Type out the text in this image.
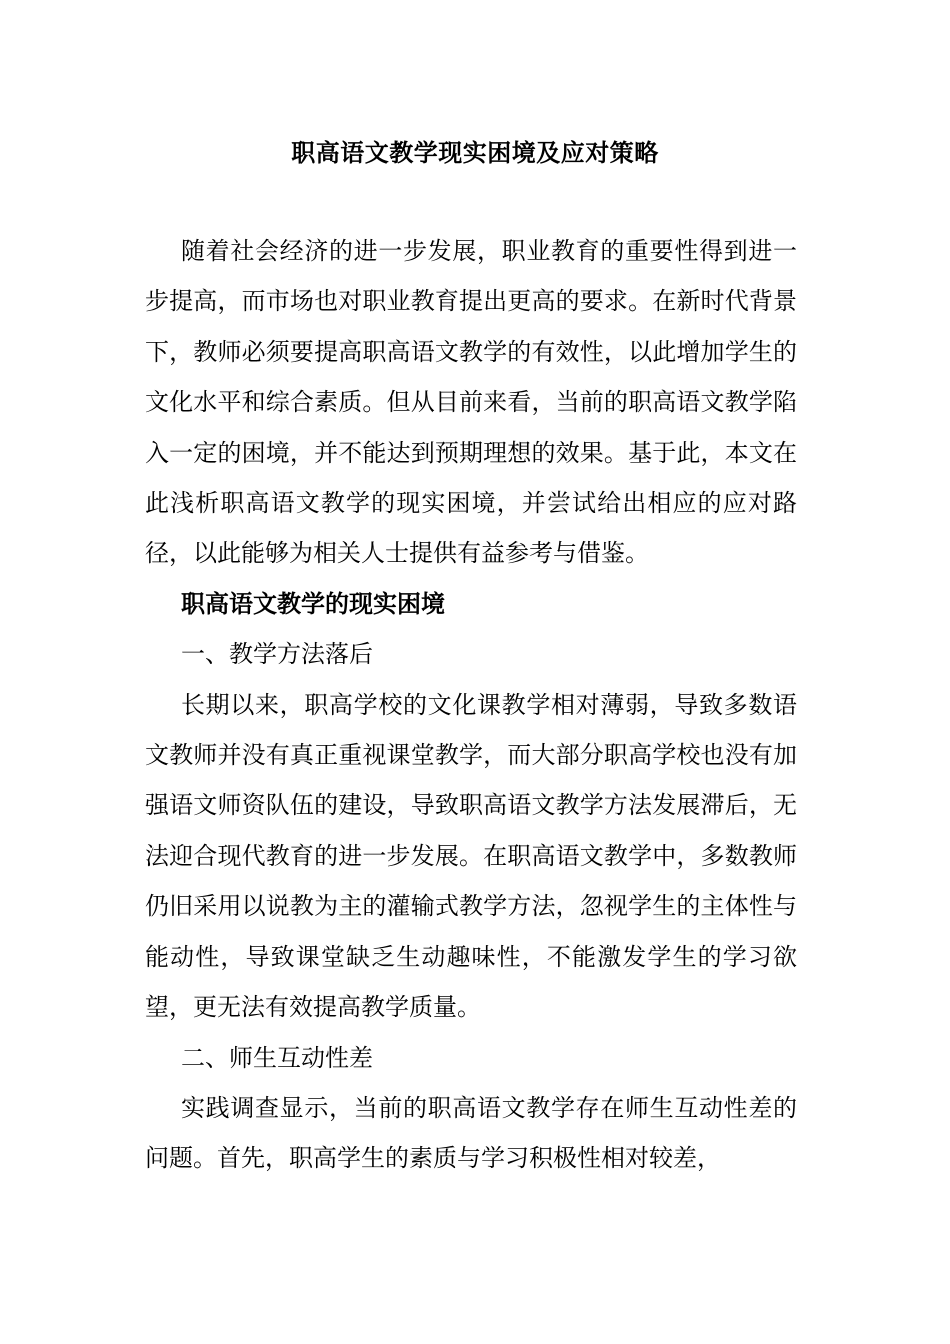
职高语文教学现实困境及应对策略

随着社会经济的进一步发展，职业教育的重要性得到进一步提高，而市场也对职业教育提出更高的要求。在新时代背景下，教师必须要提高职高语文教学的有效性，以此增加学生的文化水平和综合素质。但从目前来看，当前的职高语文教学陷入一定的困境，并不能达到预期理想的效果。基于此，本文在此浅析职高语文教学的现实困境，并尝试给出相应的应对路径，以此能够为相关人士提供有益参考与借鉴。

职高语文教学的现实困境

一、教学方法落后

长期以来，职高学校的文化课教学相对薄弱，导致多数语文教师并没有真正重视课堂教学，而大部分职高学校也没有加强语文师资队伍的建设，导致职高语文教学方法发展滞后，无法迎合现代教育的进一步发展。在职高语文教学中，多数教师仍旧采用以说教为主的灌输式教学方法，忽视学生的主体性与能动性，导致课堂缺乏生动趣味性，不能激发学生的学习欲望，更无法有效提高教学质量。

二、师生互动性差

实践调查显示，当前的职高语文教学存在师生互动性差的问题。首先，职高学生的素质与学习积极性相对较差，
